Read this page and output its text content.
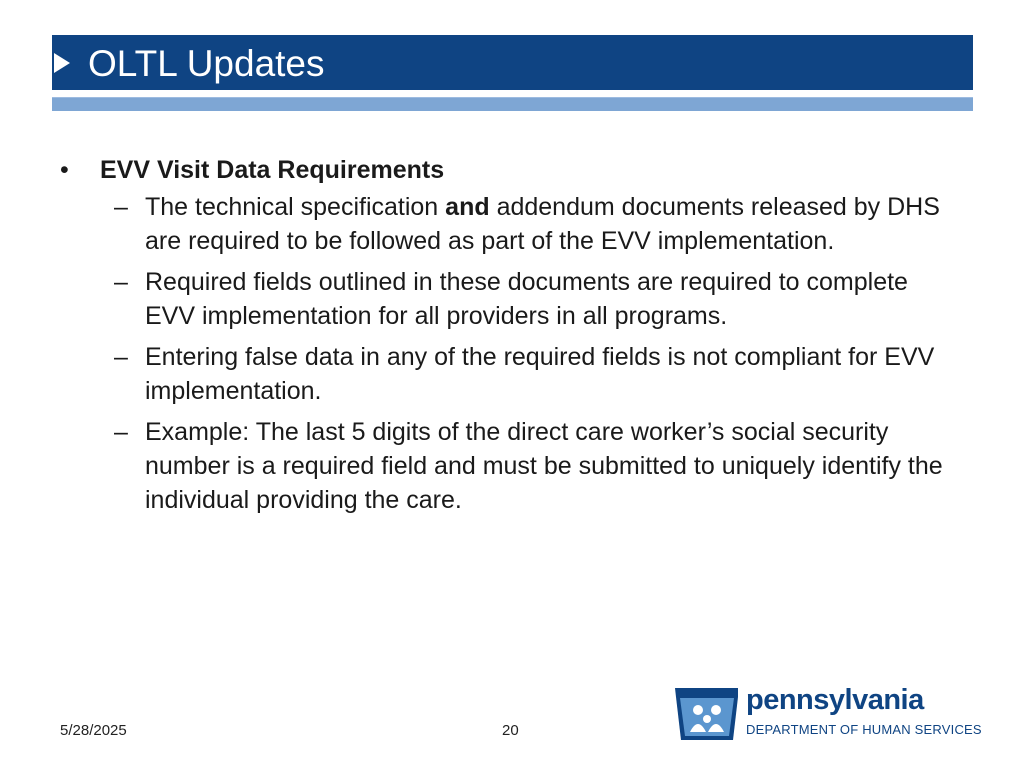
OLTL Updates
• EVV Visit Data Requirements
– The technical specification and addendum documents released by DHS are required to be followed as part of the EVV implementation.
– Required fields outlined in these documents are required to complete EVV implementation for all providers in all programs.
– Entering false data in any of the required fields is not compliant for EVV implementation.
– Example: The last 5 digits of the direct care worker’s social security number is a required field and must be submitted to uniquely identify the individual providing the care.
5/28/2025	20
pennsylvania
DEPARTMENT OF HUMAN SERVICES
